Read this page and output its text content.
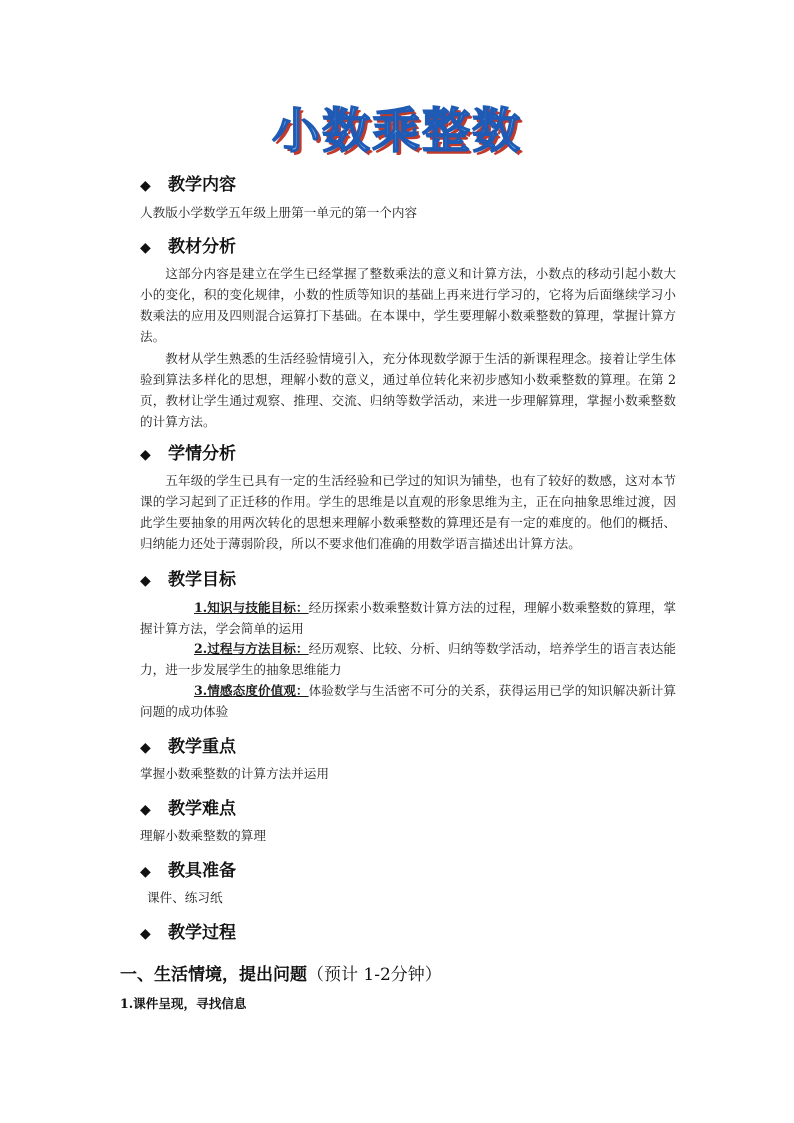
小数乘整数
◆ 教学内容
人教版小学数学五年级上册第一单元的第一个内容
◆ 教材分析
这部分内容是建立在学生已经掌握了整数乘法的意义和计算方法，小数点的移动引起小数大小的变化，积的变化规律，小数的性质等知识的基础上再来进行学习的，它将为后面继续学习小数乘法的应用及四则混合运算打下基础。在本课中，学生要理解小数乘整数的算理，掌握计算方法。
教材从学生熟悉的生活经验情境引入，充分体现数学源于生活的新课程理念。接着让学生体验到算法多样化的思想，理解小数的意义，通过单位转化来初步感知小数乘整数的算理。在第 2页，教材让学生通过观察、推理、交流、归纳等数学活动，来进一步理解算理，掌握小数乘整数的计算方法。
◆ 学情分析
五年级的学生已具有一定的生活经验和已学过的知识为铺垫，也有了较好的数感，这对本节课的学习起到了正迁移的作用。学生的思维是以直观的形象思维为主，正在向抽象思维过渡，因此学生要抽象的用两次转化的思想来理解小数乘整数的算理还是有一定的难度的。他们的概括、归纳能力还处于薄弱阶段，所以不要求他们准确的用数学语言描述出计算方法。
◆ 教学目标
1.知识与技能目标：经历探索小数乘整数计算方法的过程，理解小数乘整数的算理，掌握计算方法，学会简单的运用
2.过程与方法目标：经历观察、比较、分析、归纳等数学活动，培养学生的语言表达能力，进一步发展学生的抽象思维能力
3.情感态度价值观：体验数学与生活密不可分的关系，获得运用已学的知识解决新计算问题的成功体验
◆ 教学重点
掌握小数乘整数的计算方法并运用
◆ 教学难点
理解小数乘整数的算理
◆ 教具准备
课件、练习纸
◆ 教学过程
一、生活情境，提出问题（预计 1-2分钟）
1.课件呈现，寻找信息
